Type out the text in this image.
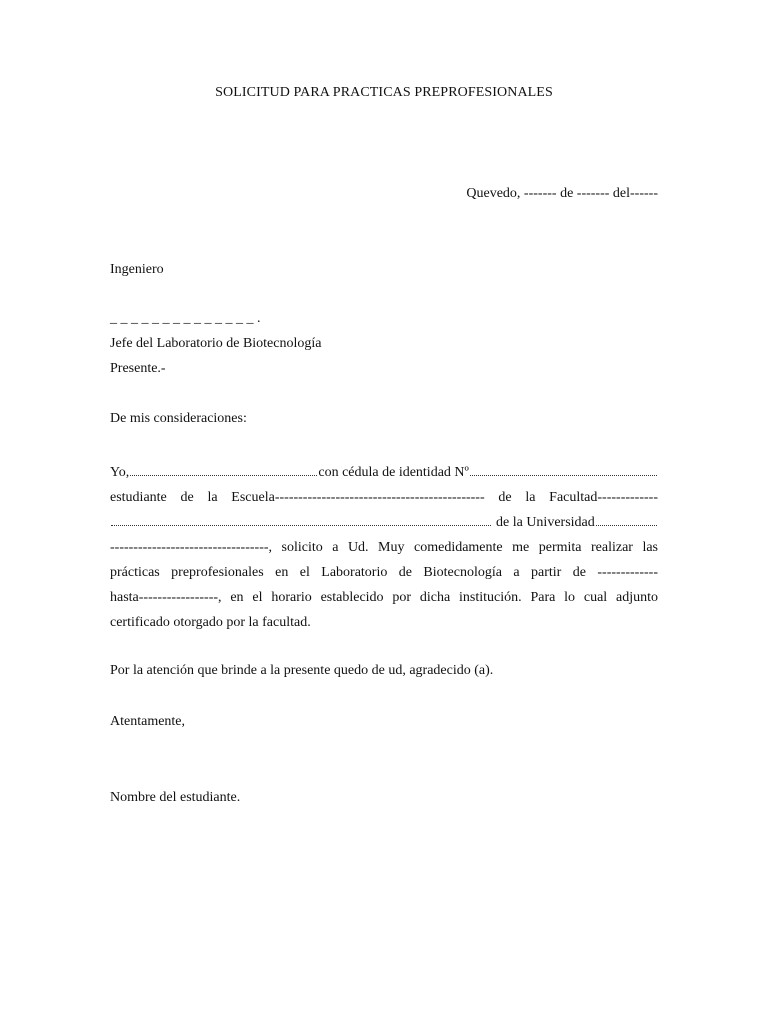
SOLICITUD PARA PRACTICAS PREPROFESIONALES
Quevedo, ------- de ------- del------
Ingeniero
_ _ _ _ _ _ _ _ _ _ _ _ _ _ .
Jefe del Laboratorio de Biotecnología
Presente.-
De mis consideraciones:
Yo,	con cédula de identidad Nº
estudiante de la Escuela--------------------------------------------- de la Facultad-------------
de la Universidad
----------------------------------, solicito a Ud. Muy comedidamente me permita realizar las
prácticas preprofesionales en el Laboratorio de Biotecnología a partir de -------------
hasta-----------------, en el horario establecido por dicha institución. Para lo cual adjunto
certificado otorgado por la facultad.
Por la atención que brinde a la presente quedo de ud, agradecido (a).
Atentamente,
Nombre del estudiante.
